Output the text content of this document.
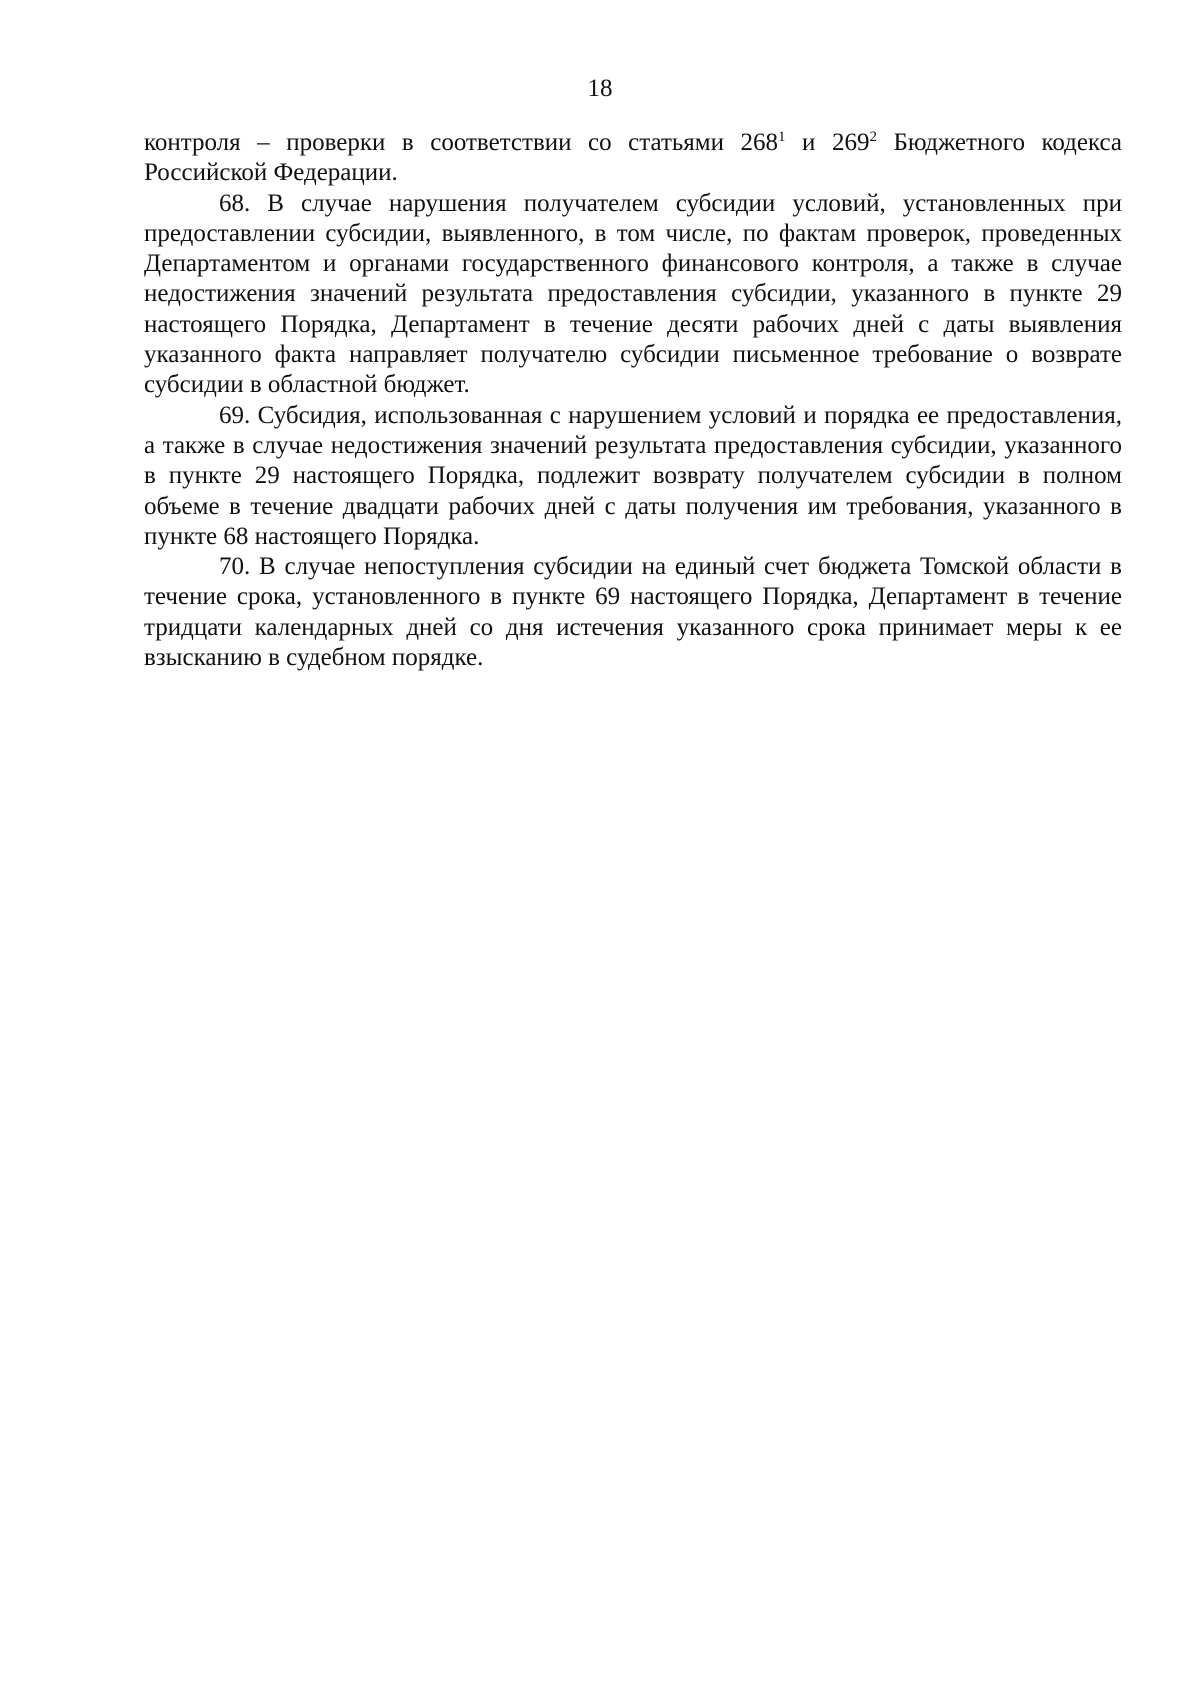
18

контроля – проверки в соответствии со статьями $268^1$ и $269^2$ Бюджетного кодекса Российской Федерации.

68. В случае нарушения получателем субсидии условий, установленных при предоставлении субсидии, выявленного, в том числе, по фактам проверок, проведенных Департаментом и органами государственного финансового контроля, а также в случае недостижения значений результата предоставления субсидии, указанного в пункте 29 настоящего Порядка, Департамент в течение десяти рабочих дней с даты выявления указанного факта направляет получателю субсидии письменное требование о возврате субсидии в областной бюджет.

69. Субсидия, использованная с нарушением условий и порядка ее предоставления, а также в случае недостижения значений результата предоставления субсидии, указанного в пункте 29 настоящего Порядка, подлежит возврату получателем субсидии в полном объеме в течение двадцати рабочих дней с даты получения им требования, указанного в пункте 68 настоящего Порядка.

70. В случае непоступления субсидии на единый счет бюджета Томской области в течение срока, установленного в пункте 69 настоящего Порядка, Департамент в течение тридцати календарных дней со дня истечения указанного срока принимает меры к ее взысканию в судебном порядке.
